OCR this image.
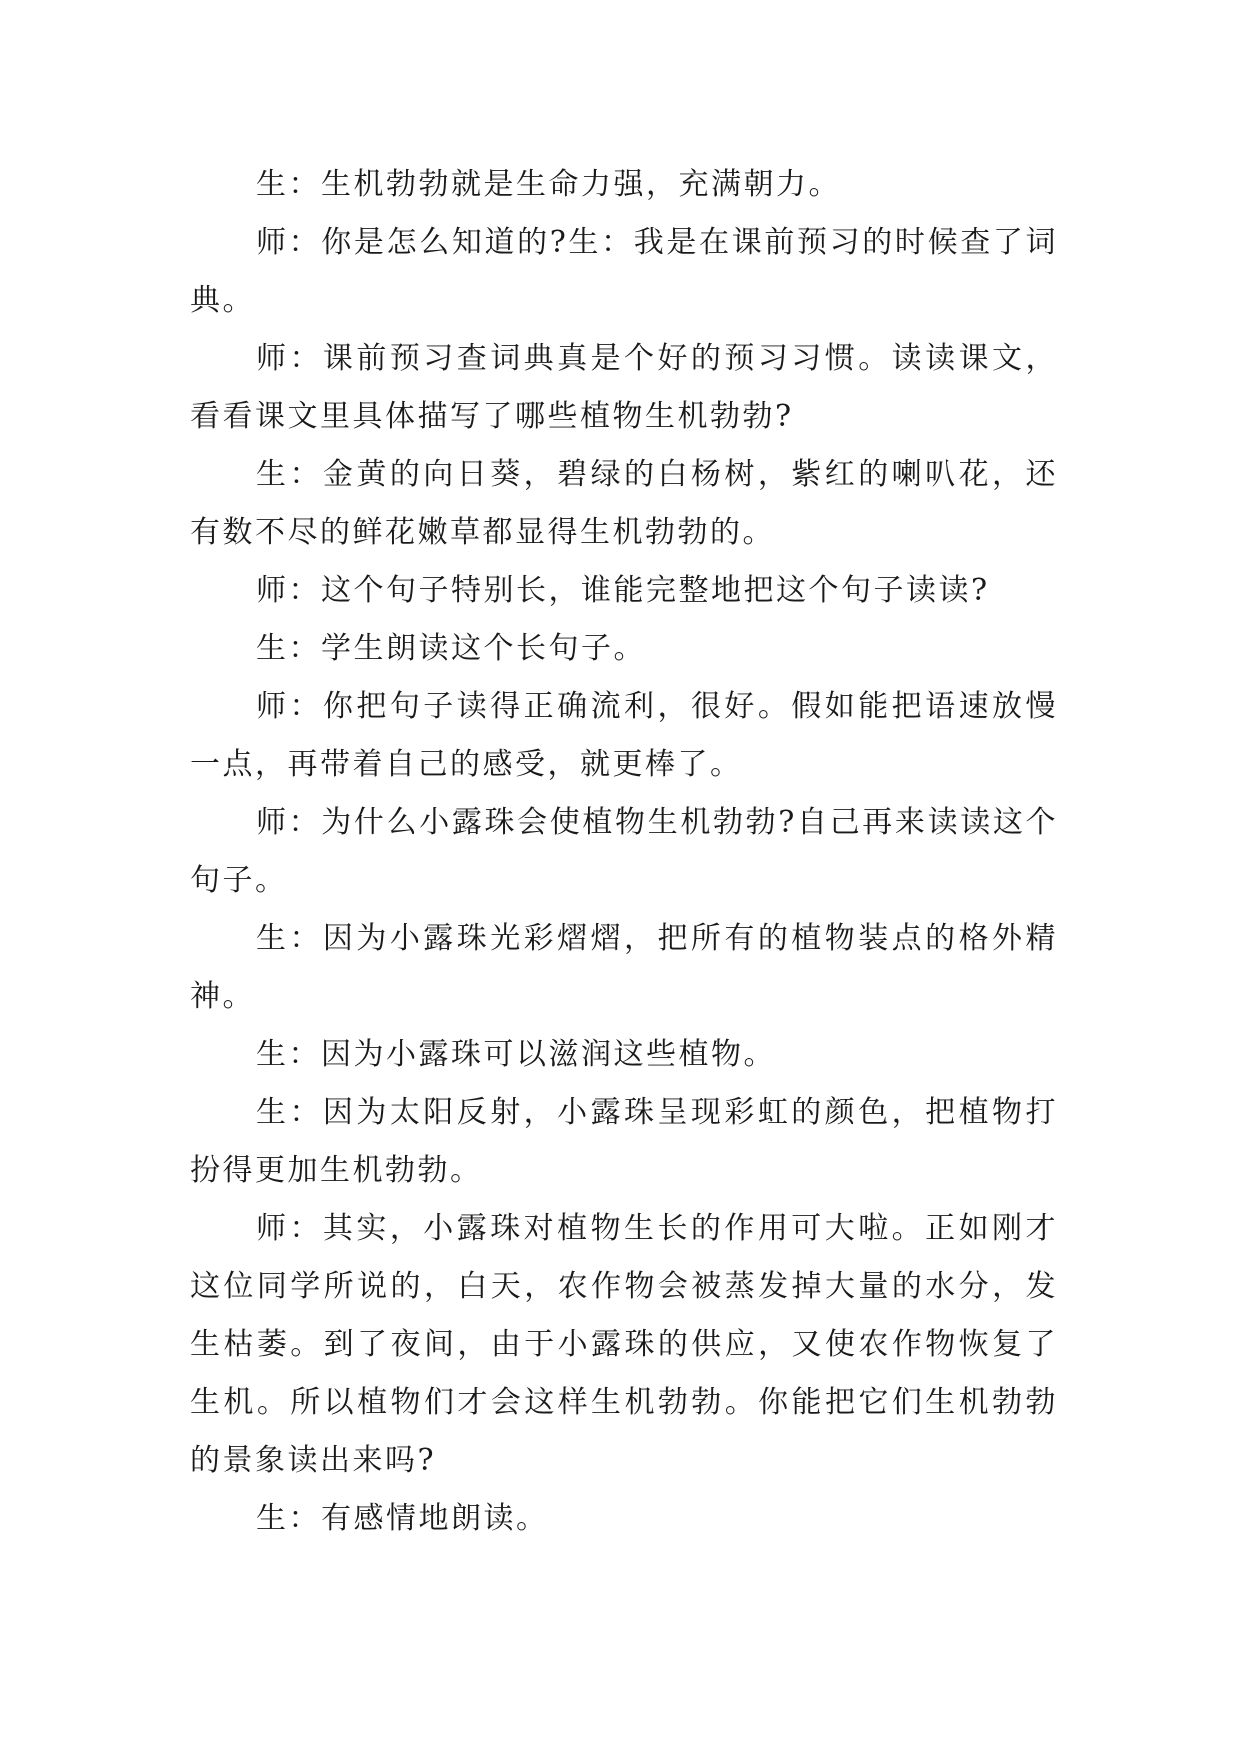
生：生机勃勃就是生命力强，充满朝力。

师：你是怎么知道的?生：我是在课前预习的时候查了词典。

师：课前预习查词典真是个好的预习习惯。读读课文，看看课文里具体描写了哪些植物生机勃勃?

生：金黄的向日葵，碧绿的白杨树，紫红的喇叭花，还有数不尽的鲜花嫩草都显得生机勃勃的。

师：这个句子特别长，谁能完整地把这个句子读读?

生：学生朗读这个长句子。

师：你把句子读得正确流利，很好。假如能把语速放慢一点，再带着自己的感受，就更棒了。

师：为什么小露珠会使植物生机勃勃?自己再来读读这个句子。

生：因为小露珠光彩熠熠，把所有的植物装点的格外精神。

生：因为小露珠可以滋润这些植物。

生：因为太阳反射，小露珠呈现彩虹的颜色，把植物打扮得更加生机勃勃。

师：其实，小露珠对植物生长的作用可大啦。正如刚才这位同学所说的，白天，农作物会被蒸发掉大量的水分，发生枯萎。到了夜间，由于小露珠的供应，又使农作物恢复了生机。所以植物们才会这样生机勃勃。你能把它们生机勃勃的景象读出来吗?

生：有感情地朗读。
